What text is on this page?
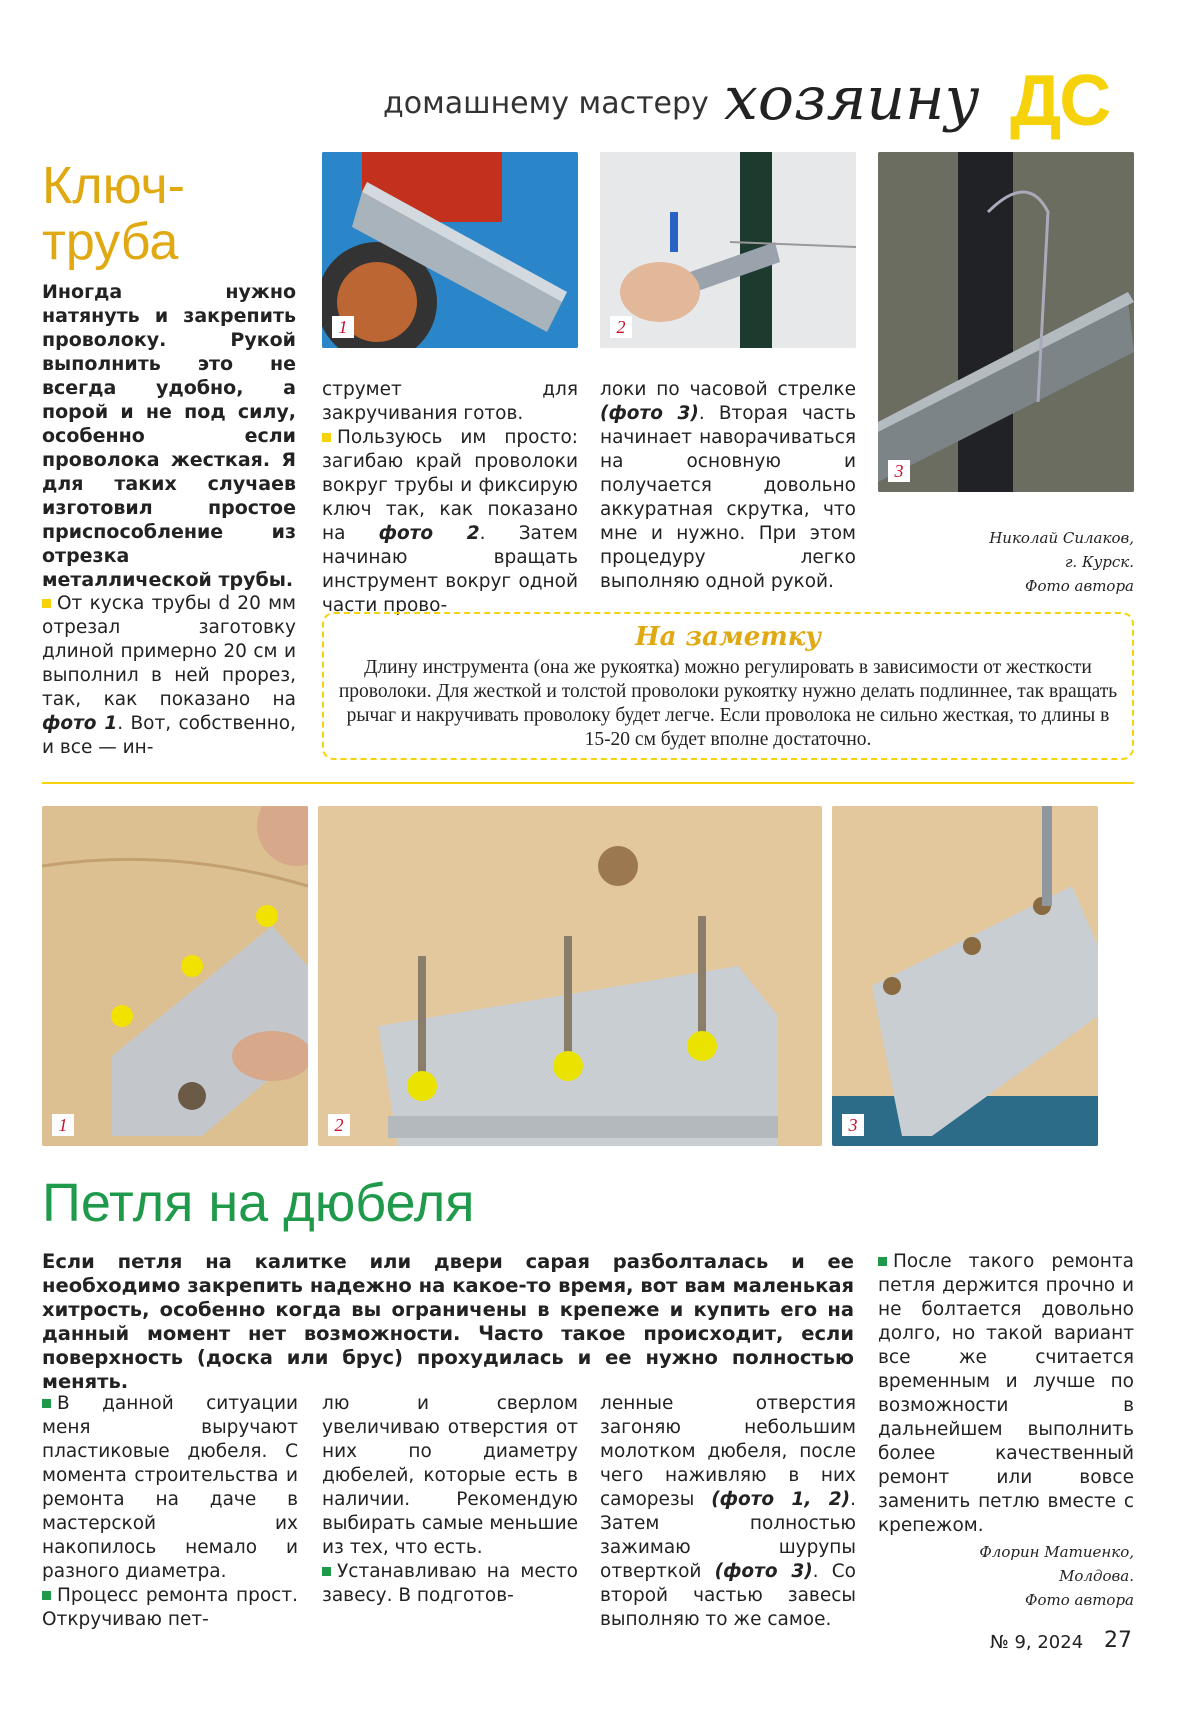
домашнему мастеру хозяину ДС
Ключ-
труба
Иногда нужно натянуть и закрепить проволоку. Рукой выполнить это не всегда удобно, а порой и не под силу, особенно если проволока жесткая. Я для таких случаев изготовил простое приспособление из отрезка металлической трубы.
От куска трубы d 20 мм отрезал заготовку длиной примерно 20 см и выполнил в ней прорез, так, как показано на фото 1. Вот, собственно, и все — ин-
1	2
3
струмет для закручивания готов.
Пользуюсь им просто: загибаю край проволоки вокруг трубы и фиксирую ключ так, как показано на фото 2. Затем начинаю вращать инструмент вокруг одной части прово-
локи по часовой стрелке (фото 3). Вторая часть начинает наворачиваться на основную и получается довольно аккуратная скрутка, что мне и нужно. При этом процедуру легко выполняю одной рукой.
Николай Силаков,
г. Курск.
Фото автора
На заметку
Длину инструмента (она же рукоятка) можно регулировать в зависимости от жесткости проволоки. Для жесткой и толстой проволоки рукоятку нужно делать подлиннее, так вращать рычаг и накручивать проволоку будет легче. Если проволока не сильно жесткая, то длины в 15-20 см будет вполне достаточно.
1	2	3
Петля на дюбеля
Если петля на калитке или двери сарая разболталась и ее необходимо закрепить надежно на какое-то время, вот вам маленькая хитрость, особенно когда вы ограничены в крепеже и купить его на данный момент нет возможности. Часто такое происходит, если поверхность (доска или брус) прохудилась и ее нужно полностью менять.
В данной ситуации меня выручают пластиковые дюбеля. С момента строительства и ремонта на даче в мастерской их накопилось немало и разного диаметра.
Процесс ремонта прост. Откручиваю пет-
лю и сверлом увеличиваю отверстия от них по диаметру дюбелей, которые есть в наличии. Рекомендую выбирать самые меньшие из тех, что есть.
Устанавливаю на место завесу. В подготов-
ленные отверстия загоняю небольшим молотком дюбеля, после чего наживляю в них саморезы (фото 1, 2). Затем полностью зажимаю шурупы отверткой (фото 3). Со второй частью завесы выполняю то же самое.
После такого ремонта петля держится прочно и не болтается довольно долго, но такой вариант все же считается временным и лучше по возможности в дальнейшем выполнить более качественный ремонт или вовсе заменить петлю вместе с крепежом.
Флорин Матиенко,
Молдова.
Фото автора
№ 9, 2024 27
